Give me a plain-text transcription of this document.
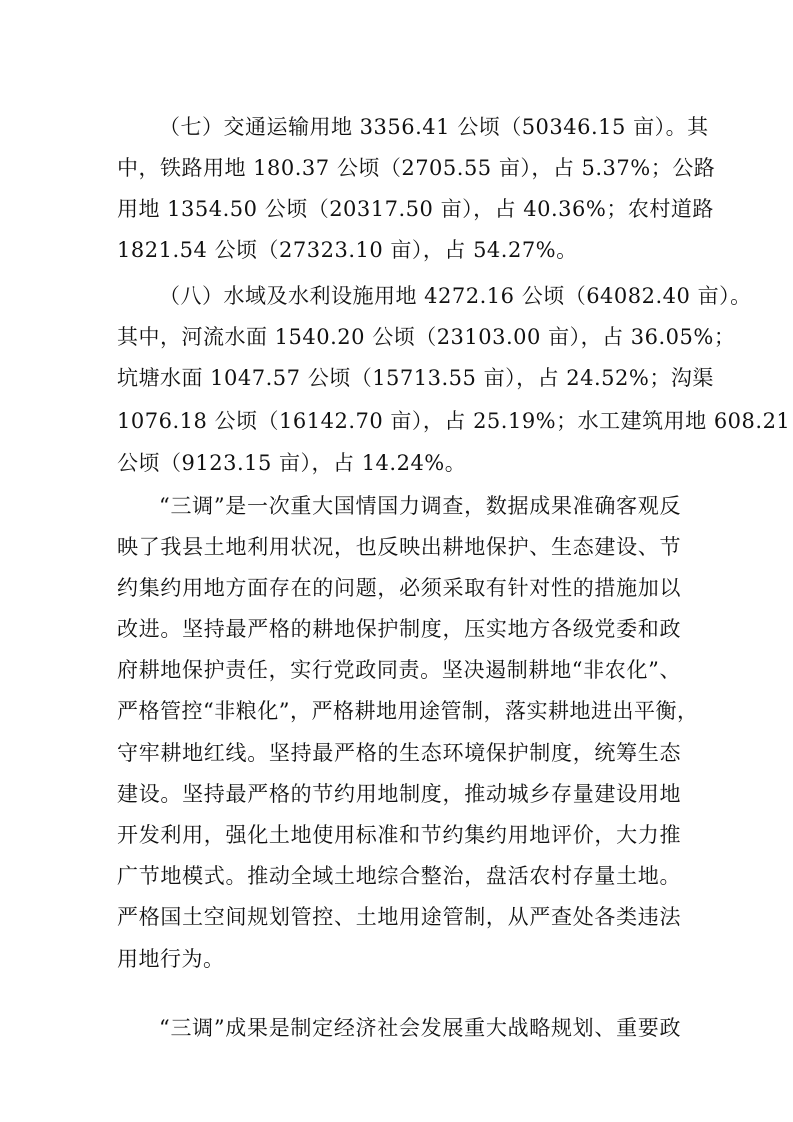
（七）交通运输用地 3356.41 公顷（50346.15 亩）。其
中，铁路用地 180.37 公顷（2705.55 亩），占 5.37%；公路
用地 1354.50 公顷（20317.50 亩），占 40.36%；农村道路
1821.54 公顷（27323.10 亩），占 54.27%。
（八）水域及水利设施用地 4272.16 公顷（64082.40 亩）。
其中，河流水面 1540.20 公顷（23103.00 亩），占 36.05%；
坑塘水面 1047.57 公顷（15713.55 亩），占 24.52%；沟渠
1076.18 公顷（16142.70 亩），占 25.19%；水工建筑用地 608.21
公顷（9123.15 亩），占 14.24%。
“三调”是一次重大国情国力调查，数据成果准确客观反
映了我县土地利用状况，也反映出耕地保护、生态建设、节
约集约用地方面存在的问题，必须采取有针对性的措施加以
改进。坚持最严格的耕地保护制度，压实地方各级党委和政
府耕地保护责任，实行党政同责。坚决遏制耕地“非农化”、
严格管控“非粮化”，严格耕地用途管制，落实耕地进出平衡，
守牢耕地红线。坚持最严格的生态环境保护制度，统筹生态
建设。坚持最严格的节约用地制度，推动城乡存量建设用地
开发利用，强化土地使用标准和节约集约用地评价，大力推
广节地模式。推动全域土地综合整治，盘活农村存量土地。
严格国土空间规划管控、土地用途管制，从严查处各类违法
用地行为。
“三调”成果是制定经济社会发展重大战略规划、重要政
